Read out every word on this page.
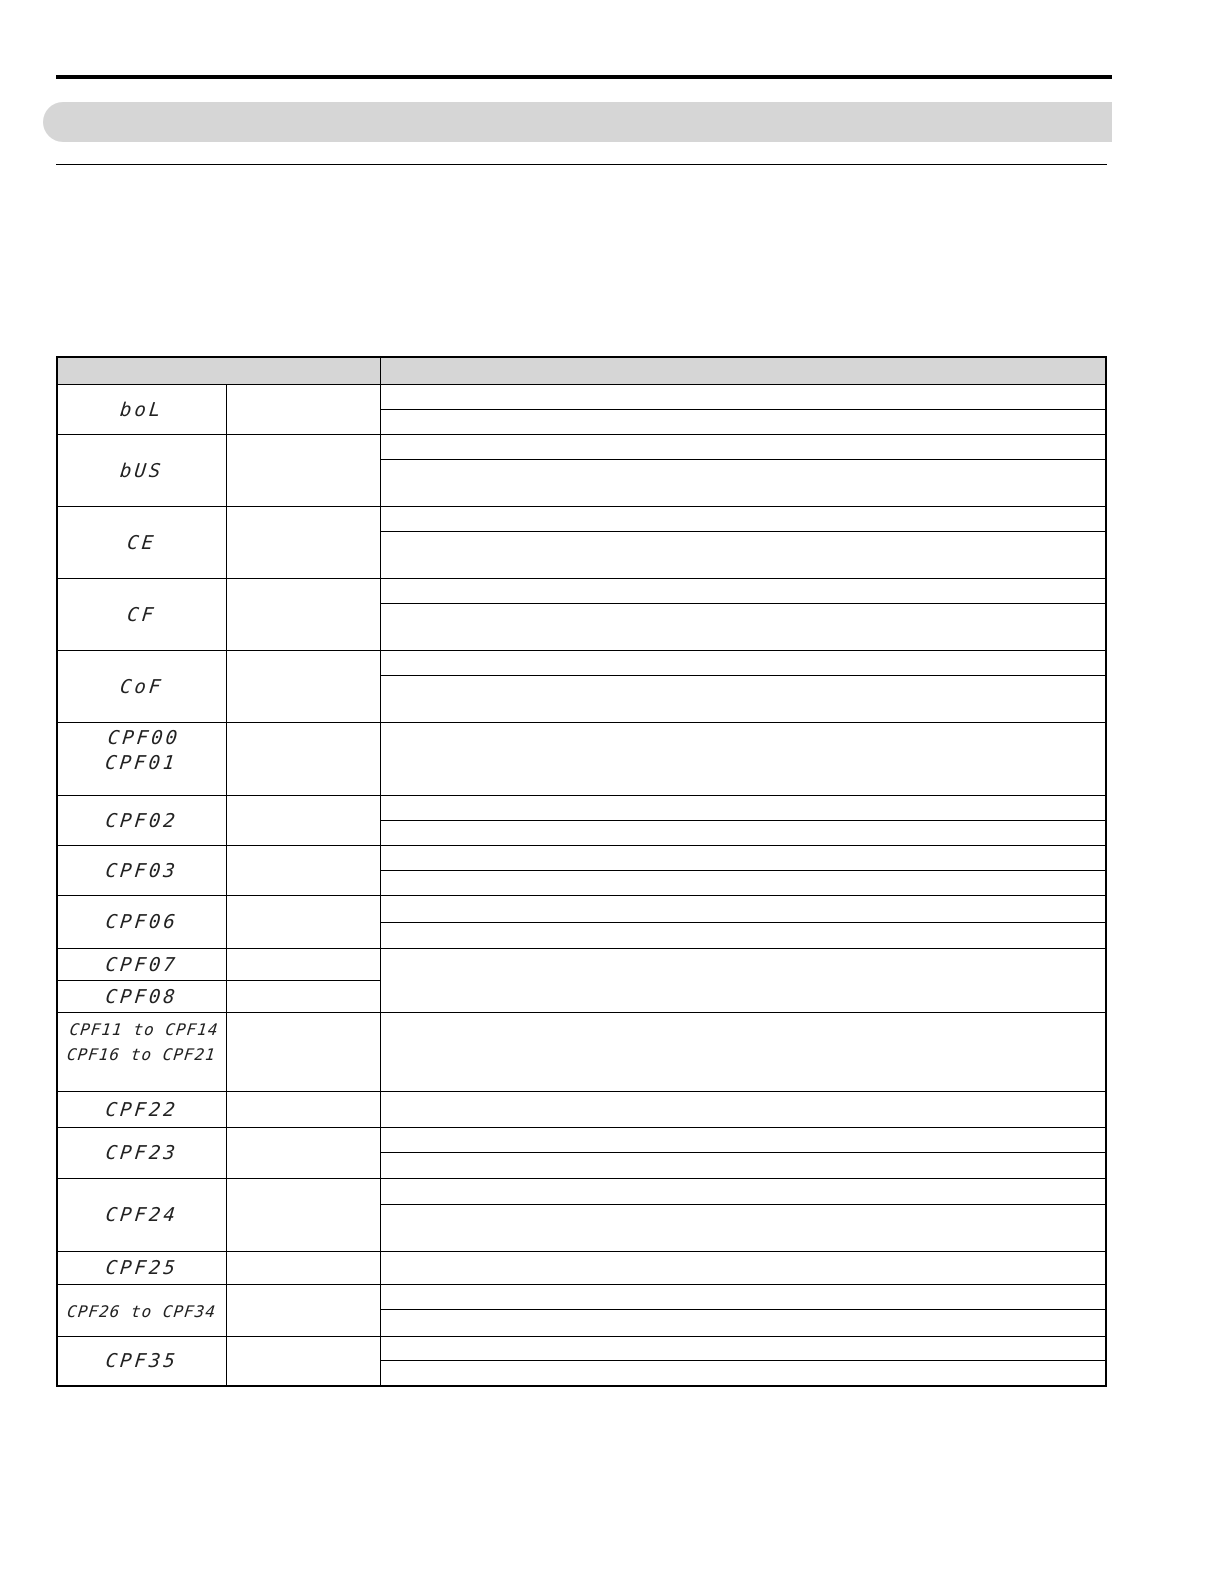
boL		

bUS		

CE		

CF		

CoF		

CPF00
CPF01		

CPF02		

CPF03		

CPF06		

CPF07		

CPF08		

CPF11 to CPF14
CPF16 to CPF21		

CPF22		

CPF23		

CPF24		

CPF25		

CPF26 to CPF34		

CPF35		
